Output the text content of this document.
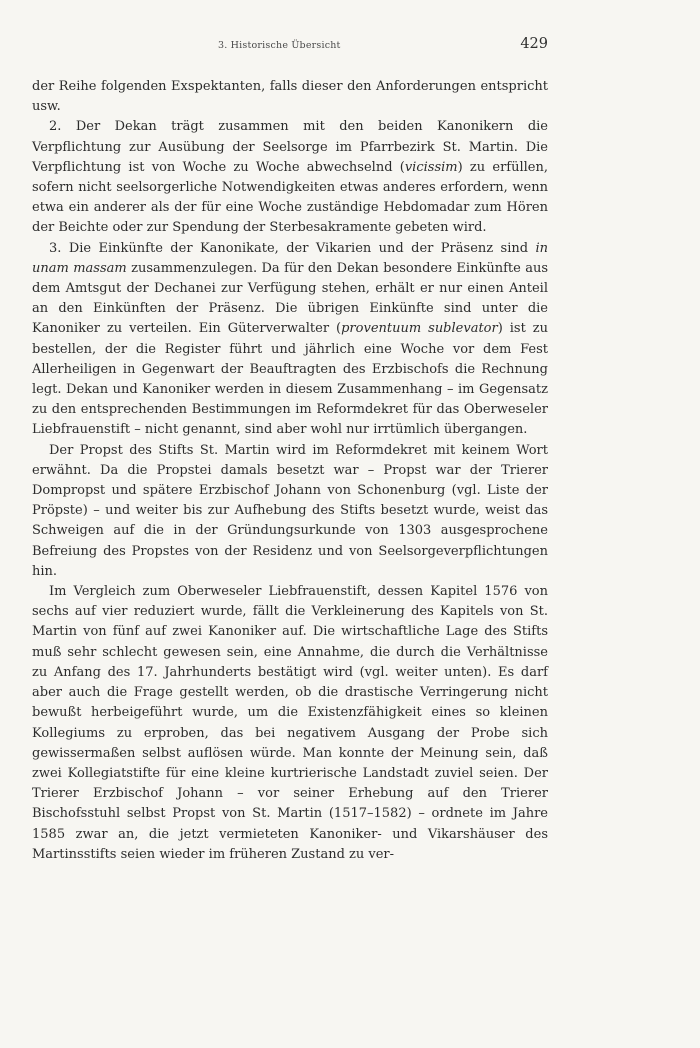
3. Historische Übersicht	429

der Reihe folgenden Exspektanten, falls dieser den Anforderungen entspricht usw.

2. Der Dekan trägt zusammen mit den beiden Kanonikern die Verpflichtung zur Ausübung der Seelsorge im Pfarrbezirk St. Martin. Die Verpflichtung ist von Woche zu Woche abwechselnd (vicissim) zu erfüllen, sofern nicht seelsorgerliche Notwendigkeiten etwas anderes erfordern, wenn etwa ein anderer als der für eine Woche zuständige Hebdomadar zum Hören der Beichte oder zur Spendung der Sterbesakramente gebeten wird.

3. Die Einkünfte der Kanonikate, der Vikarien und der Präsenz sind in unam massam zusammenzulegen. Da für den Dekan besondere Einkünfte aus dem Amtsgut der Dechanei zur Verfügung stehen, erhält er nur einen Anteil an den Einkünften der Präsenz. Die übrigen Einkünfte sind unter die Kanoniker zu verteilen. Ein Güterverwalter (proventuum sublevator) ist zu bestellen, der die Register führt und jährlich eine Woche vor dem Fest Allerheiligen in Gegenwart der Beauftragten des Erzbischofs die Rechnung legt. Dekan und Kanoniker werden in diesem Zusammenhang – im Gegensatz zu den entsprechenden Bestimmungen im Reformdekret für das Oberweseler Liebfrauenstift – nicht genannt, sind aber wohl nur irrtümlich übergangen.

Der Propst des Stifts St. Martin wird im Reformdekret mit keinem Wort erwähnt. Da die Propstei damals besetzt war – Propst war der Trierer Dompropst und spätere Erzbischof Johann von Schonenburg (vgl. Liste der Pröpste) – und weiter bis zur Aufhebung des Stifts besetzt wurde, weist das Schweigen auf die in der Gründungsurkunde von 1303 ausgesprochene Befreiung des Propstes von der Residenz und von Seelsorgeverpflichtungen hin.

Im Vergleich zum Oberweseler Liebfrauenstift, dessen Kapitel 1576 von sechs auf vier reduziert wurde, fällt die Verkleinerung des Kapitels von St. Martin von fünf auf zwei Kanoniker auf. Die wirtschaftliche Lage des Stifts muß sehr schlecht gewesen sein, eine Annahme, die durch die Verhältnisse zu Anfang des 17. Jahrhunderts bestätigt wird (vgl. weiter unten). Es darf aber auch die Frage gestellt werden, ob die drastische Verringerung nicht bewußt herbeigeführt wurde, um die Existenzfähigkeit eines so kleinen Kollegiums zu erproben, das bei negativem Ausgang der Probe sich gewissermaßen selbst auflösen würde. Man konnte der Meinung sein, daß zwei Kollegiatstifte für eine kleine kurtrierische Landstadt zuviel seien. Der Trierer Erzbischof Johann – vor seiner Erhebung auf den Trierer Bischofsstuhl selbst Propst von St. Martin (1517–1582) – ordnete im Jahre 1585 zwar an, die jetzt vermieteten Kanoniker- und Vikarshäuser des Martinsstifts seien wieder im früheren Zustand zu ver-
